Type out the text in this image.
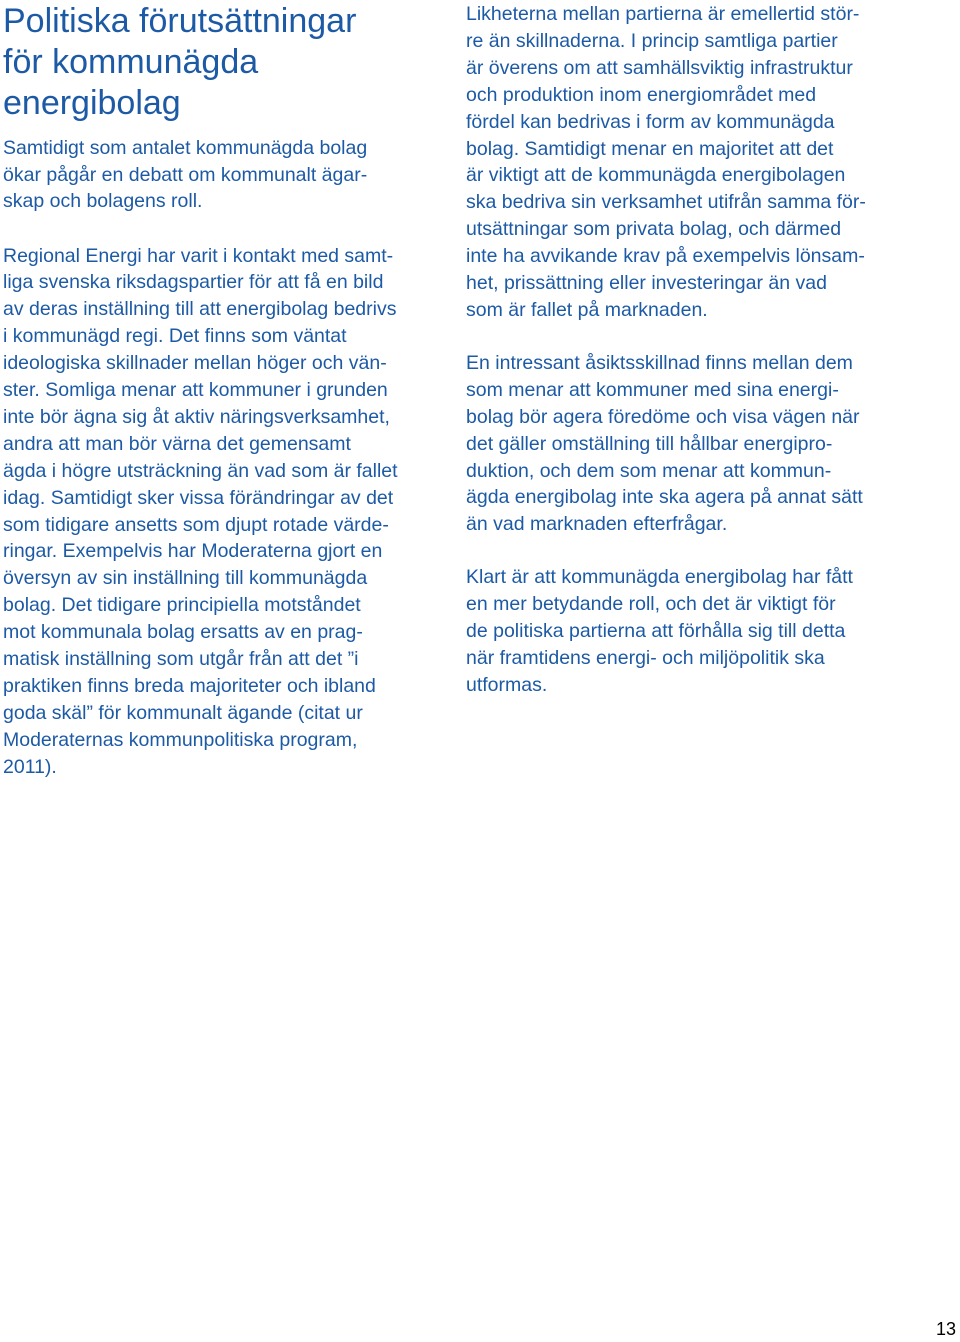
Politiska förutsättningar
för kommunägda
energibolag
Samtidigt som antalet kommunägda bolag
ökar pågår en debatt om kommunalt ägar-
skap och bolagens roll.
Regional Energi har varit i kontakt med samt-
liga svenska riksdagspartier för att få en bild
av deras inställning till att energibolag bedrivs
i kommunägd regi. Det finns som väntat
ideologiska skillnader mellan höger och vän-
ster. Somliga menar att kommuner i grunden
inte bör ägna sig åt aktiv näringsverksamhet,
andra att man bör värna det gemensamt
ägda i högre utsträckning än vad som är fallet
idag. Samtidigt sker vissa förändringar av det
som tidigare ansetts som djupt rotade värde-
ringar. Exempelvis har Moderaterna gjort en
översyn av sin inställning till kommunägda
bolag. Det tidigare principiella motståndet
mot kommunala bolag ersatts av en prag-
matisk inställning som utgår från att det ”i
praktiken finns breda majoriteter och ibland
goda skäl” för kommunalt ägande (citat ur
Moderaternas kommunpolitiska program,
2011).
Likheterna mellan partierna är emellertid stör-
re än skillnaderna. I princip samtliga partier
är överens om att samhällsviktig infrastruktur
och produktion inom energiområdet med
fördel kan bedrivas i form av kommunägda
bolag. Samtidigt menar en majoritet att det
är viktigt att de kommunägda energibolagen
ska bedriva sin verksamhet utifrån samma för-
utsättningar som privata bolag, och därmed
inte ha avvikande krav på exempelvis lönsam-
het, prissättning eller investeringar än vad
som är fallet på marknaden.
En intressant åsiktsskillnad finns mellan dem
som menar att kommuner med sina energi-
bolag bör agera föredöme och visa vägen när
det gäller omställning till hållbar energipro-
duktion, och dem som menar att kommun-
ägda energibolag inte ska agera på annat sätt
än vad marknaden efterfrågar.
Klart är att kommunägda energibolag har fått
en mer betydande roll, och det är viktigt för
de politiska partierna att förhålla sig till detta
när framtidens energi- och miljöpolitik ska
utformas.
13
